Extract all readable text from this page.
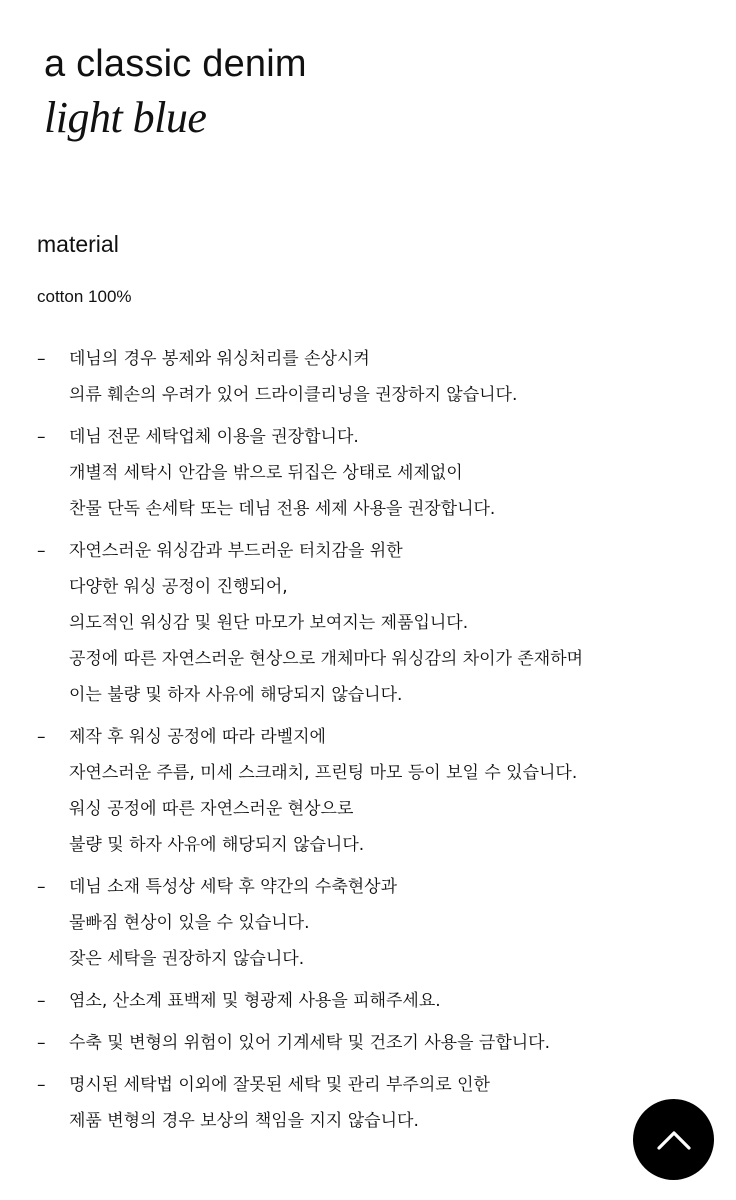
a classic denim
light blue
material
cotton 100%
– 데님의 경우 봉제와 워싱처리를 손상시켜
의류 훼손의 우려가 있어 드라이클리닝을 권장하지 않습니다.
– 데님 전문 세탁업체 이용을 권장합니다.
개별적 세탁시 안감을 밖으로 뒤집은 상태로 세제없이
찬물 단독 손세탁 또는 데님 전용 세제 사용을 권장합니다.
– 자연스러운 워싱감과 부드러운 터치감을 위한
다양한 워싱 공정이 진행되어,
의도적인 워싱감 및 원단 마모가 보여지는 제품입니다.
공정에 따른 자연스러운 현상으로 개체마다 워싱감의 차이가 존재하며
이는 불량 및 하자 사유에 해당되지 않습니다.
– 제작 후 워싱 공정에 따라 라벨지에
자연스러운 주름, 미세 스크래치, 프린팅 마모 등이 보일 수 있습니다.
워싱 공정에 따른 자연스러운 현상으로
불량 및 하자 사유에 해당되지 않습니다.
– 데님 소재 특성상 세탁 후 약간의 수축현상과
물빠짐 현상이 있을 수 있습니다.
잦은 세탁을 권장하지 않습니다.
– 염소, 산소계 표백제 및 형광제 사용을 피해주세요.
– 수축 및 변형의 위험이 있어 기계세탁 및 건조기 사용을 금합니다.
– 명시된 세탁법 이외에 잘못된 세탁 및 관리 부주의로 인한
제품 변형의 경우 보상의 책임을 지지 않습니다.
